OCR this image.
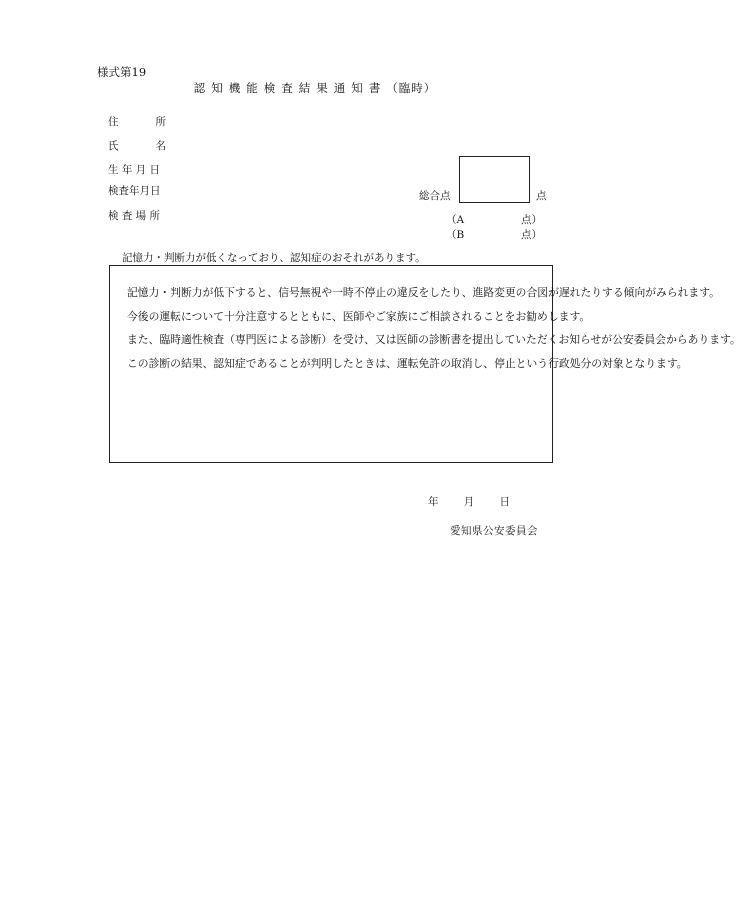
様式第19
認知機能検査結果通知書（臨時）
住	所
氏	名
生 年 月 日
検査年月日
検 査 場 所
総合点	点
（A	点）
（B	点）
記憶力・判断力が低くなっており、認知症のおそれがあります。

記憶力・判断力が低下すると、信号無視や一時不停止の違反をしたり、進路変更の合図が遅れたりする傾向がみられます。

今後の運転について十分注意するとともに、医師やご家族にご相談されることをお勧めします。

また、臨時適性検査（専門医による診断）を受け、又は医師の診断書を提出していただくお知らせが公安委員会からあります。

この診断の結果、認知症であることが判明したときは、運転免許の取消し、停止という行政処分の対象となります。

年 月 日
愛知県公安委員会
